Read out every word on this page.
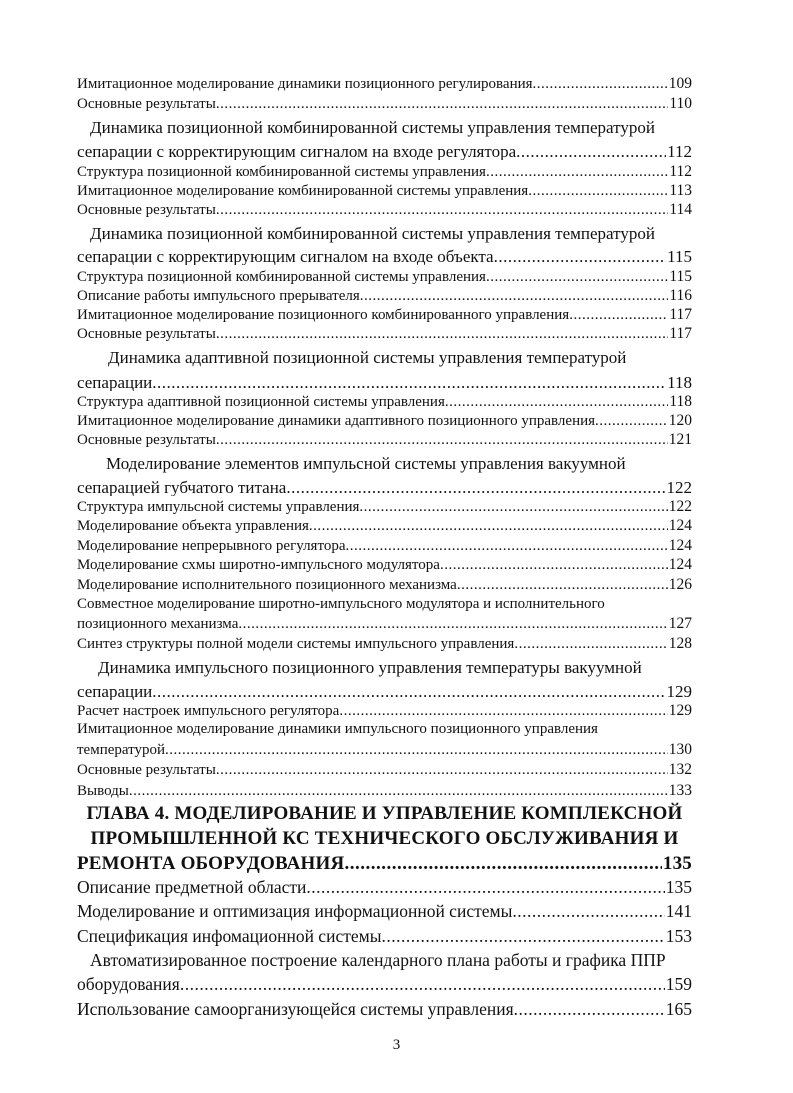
Имитационное моделирование динамики позиционного регулирования .....	109
Основные результаты .....	110
Динамика позиционной комбинированной системы управления температурой
сепарации с корректирующим сигналом на входе регулятора .....	112
Структура позиционной комбинированной системы управления .....	112
Имитационное моделирование комбинированной системы управления .....	113
Основные результаты .....	114
Динамика позиционной комбинированной системы управления температурой
сепарации с корректирующим сигналом на входе объекта .....	115
Структура позиционной комбинированной системы управления .....	115
Описание работы импульсного прерывателя .....	116
Имитационное моделирование позиционного комбинированного управления .....	117
Основные результаты .....	117
Динамика адаптивной позиционной системы управления температурой
сепарации .....	118
Структура адаптивной позиционной системы управления .....	118
Имитационное моделирование динамики адаптивного позиционного управления .....	120
Основные результаты .....	121
Моделирование элементов импульсной системы управления вакуумной
сепарацией губчатого титана .....	122
Структура импульсной системы управления .....	122
Моделирование объекта управления .....	124
Моделирование непрерывного регулятора .....	124
Моделирование схмы широтно-импульсного модулятора .....	124
Моделирование исполнительного позиционного механизма .....	126
Совместное моделирование широтно-импульсного модулятора и исполнительного
позиционного механизма .....	127
Синтез структуры полной модели системы импульсного управления .....	128
Динамика импульсного позиционного управления температуры вакуумной
сепарации .....	129
Расчет настроек импульсного регулятора .....	129
Имитационное моделирование динамики импульсного позиционного управления
температурой .....	130
Основные результаты .....	132
Выводы .....	133
ГЛАВА 4. МОДЕЛИРОВАНИЕ И УПРАВЛЕНИЕ КОМПЛЕКСНОЙ
ПРОМЫШЛЕННОЙ КС ТЕХНИЧЕСКОГО ОБСЛУЖИВАНИЯ И
РЕМОНТА ОБОРУДОВАНИЯ .....	135
Описание предметной области .....	135
Моделирование и оптимизация информационной системы .....	141
Спецификация инфомационной системы .....	153
Автоматизированное построение календарного плана работы и графика ППР
оборудования .....	159
Использование самоорганизующейся системы управления .....	165
3
